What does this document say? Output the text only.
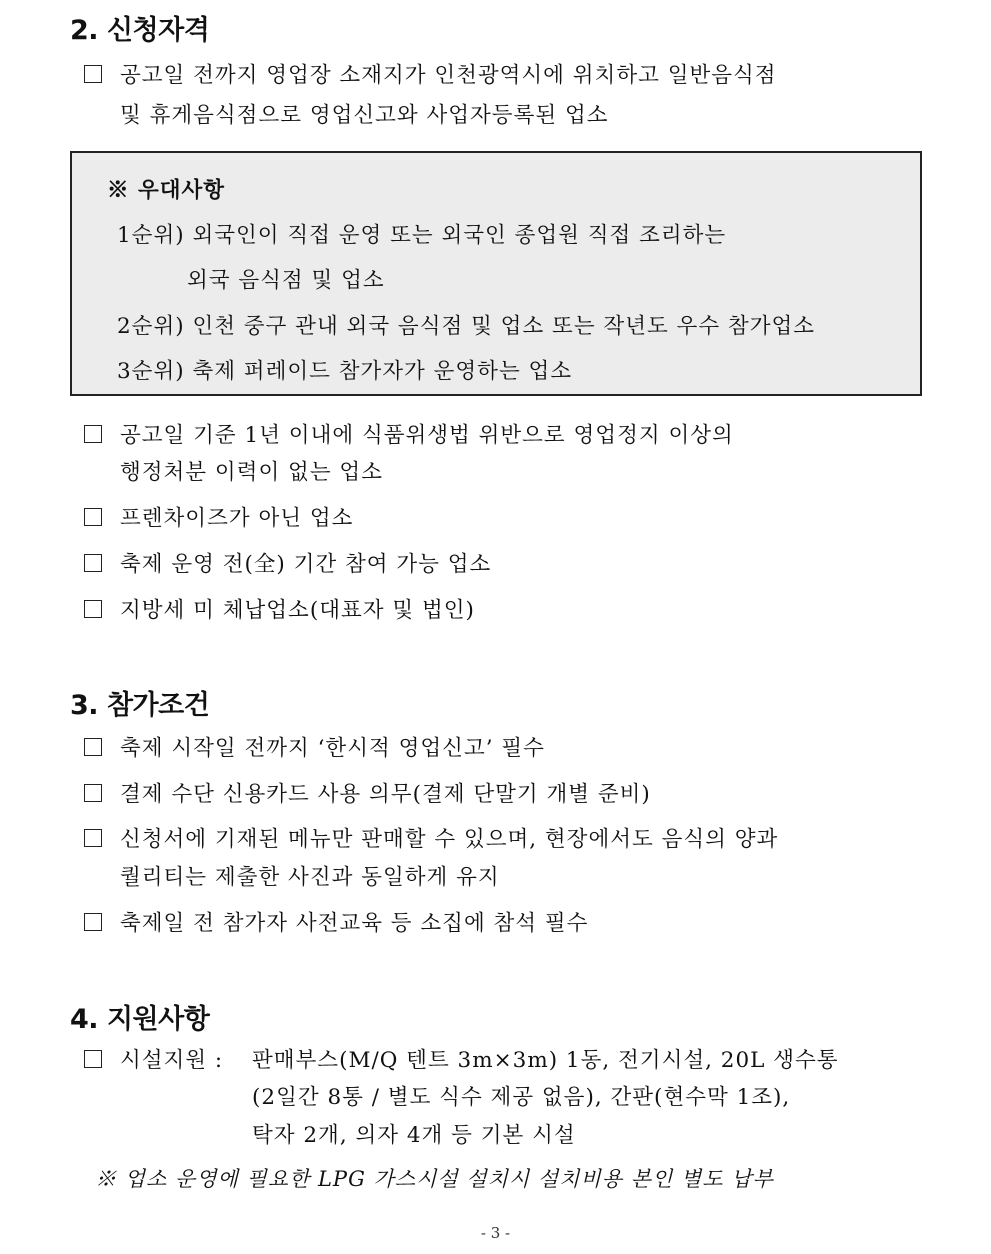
2. 신청자격
공고일 전까지 영업장 소재지가 인천광역시에 위치하고 일반음식점
및 휴게음식점으로 영업신고와 사업자등록된 업소
※ 우대사항
1순위) 외국인이 직접 운영 또는 외국인 종업원 직접 조리하는
외국 음식점 및 업소
2순위) 인천 중구 관내 외국 음식점 및 업소 또는 작년도 우수 참가업소
3순위) 축제 퍼레이드 참가자가 운영하는 업소
공고일 기준 1년 이내에 식품위생법 위반으로 영업정지 이상의
행정처분 이력이 없는 업소
프렌차이즈가 아닌 업소
축제 운영 전(全) 기간 참여 가능 업소
지방세 미 체납업소(대표자 및 법인)
3. 참가조건
축제 시작일 전까지 ‘한시적 영업신고’ 필수
결제 수단 신용카드 사용 의무(결제 단말기 개별 준비)
신청서에 기재된 메뉴만 판매할 수 있으며, 현장에서도 음식의 양과
퀄리티는 제출한 사진과 동일하게 유지
축제일 전 참가자 사전교육 등 소집에 참석 필수
4. 지원사항
시설지원 : 판매부스(M/Q 텐트 3m×3m) 1동, 전기시설, 20L 생수통
(2일간 8통 / 별도 식수 제공 없음), 간판(현수막 1조),
탁자 2개, 의자 4개 등 기본 시설
※ 업소 운영에 필요한 LPG 가스시설 설치시 설치비용 본인 별도 납부
- 3 -
